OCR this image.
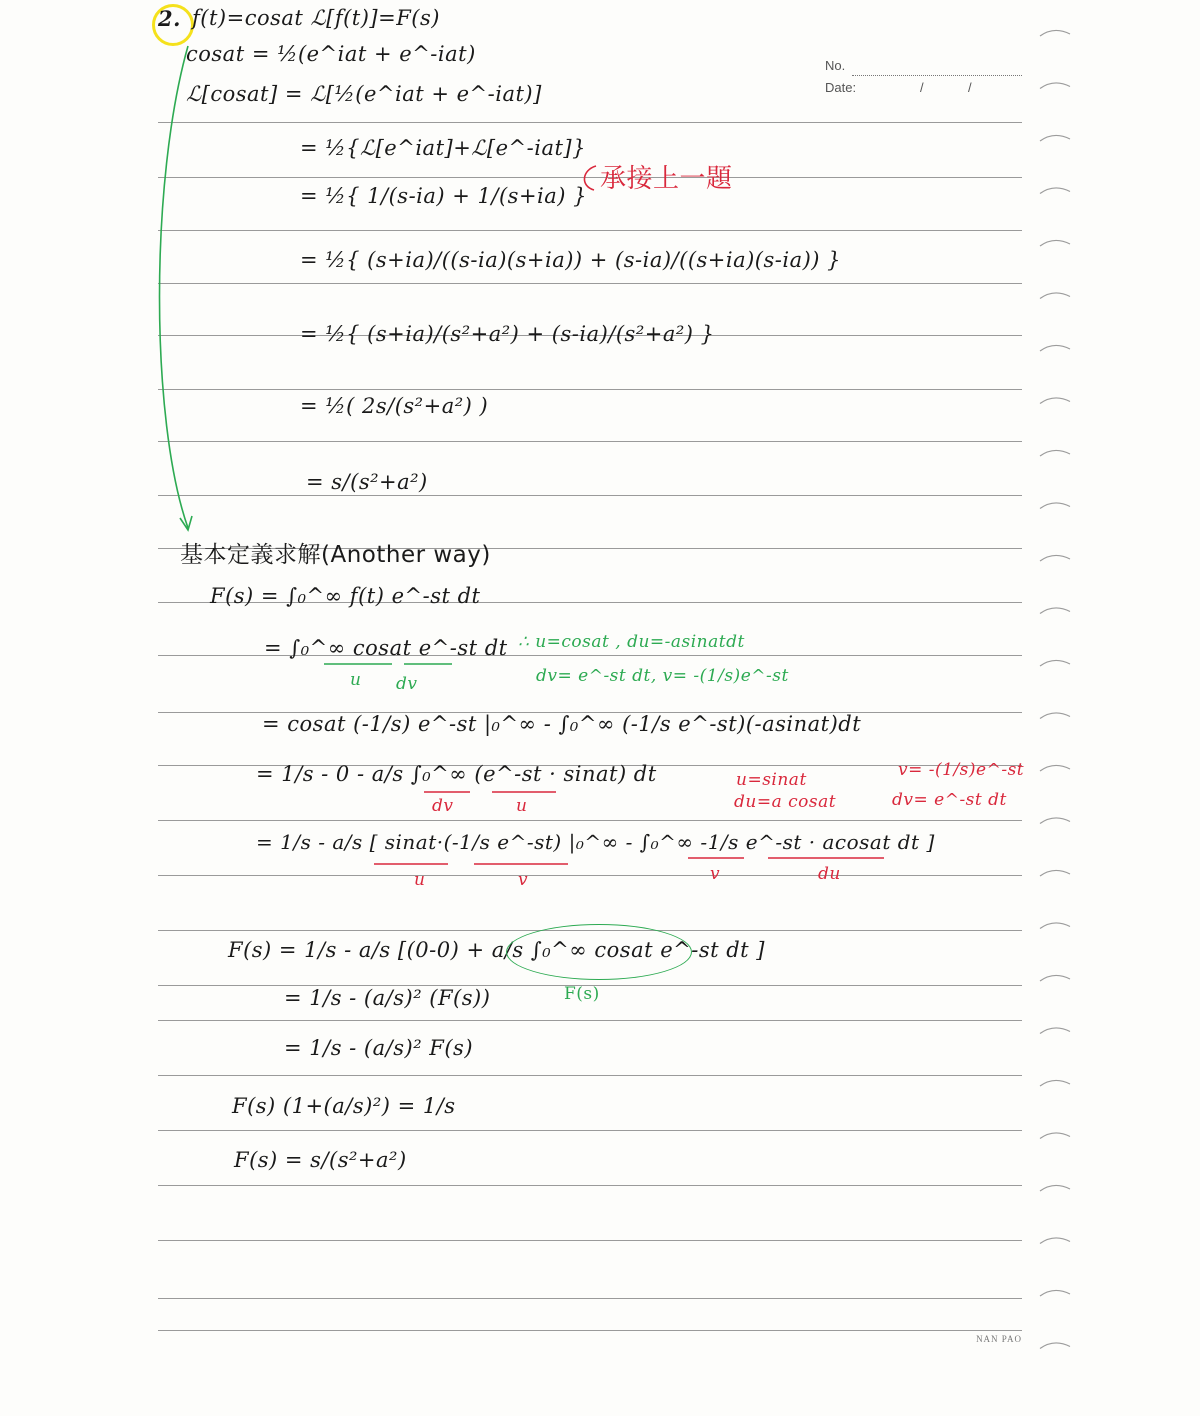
No.
Date:	/	/
2. f(t)=cosat ℒ[f(t)]=F(s)
cosat = ½(e^iat + e^-iat)
ℒ[cosat] = ℒ[½(e^iat + e^-iat)]
= ½{ℒ[e^iat]+ℒ[e^-iat]}
承接上一題
= ½{ 1/(s-ia) + 1/(s+ia) }
= ½{ (s+ia)/((s-ia)(s+ia)) + (s-ia)/((s+ia)(s-ia)) }
= ½{ (s+ia)/(s²+a²) + (s-ia)/(s²+a²) }
= ½( 2s/(s²+a²) )
= s/(s²+a²)
基本定義求解(Another way)
F(s) = ∫₀^∞ f(t) e^-st dt
= ∫₀^∞ cosat e^-st dt
u dv
∴ u=cosat , du=-asinatdt
dv= e^-st dt, v= -(1/s)e^-st
= cosat (-1/s) e^-st |₀^∞ - ∫₀^∞ (-1/s e^-st)(-asinat)dt
= 1/s - 0 - a/s ∫₀^∞ (e^-st · sinat) dt
dv	u
u=sinat
du=a cosat
v= -(1/s)e^-st
dv= e^-st dt
= 1/s - a/s [ sinat·(-1/s e^-st) |₀^∞ - ∫₀^∞ -1/s e^-st · acosat dt ]
u	v	v	du
F(s) = 1/s - a/s [(0-0) + a/s ∫₀^∞ cosat e^-st dt ]
F(s)
= 1/s - (a/s)² (F(s))
= 1/s - (a/s)² F(s)
F(s) (1+(a/s)²) = 1/s
F(s) = s/(s²+a²)
NAN PAO
